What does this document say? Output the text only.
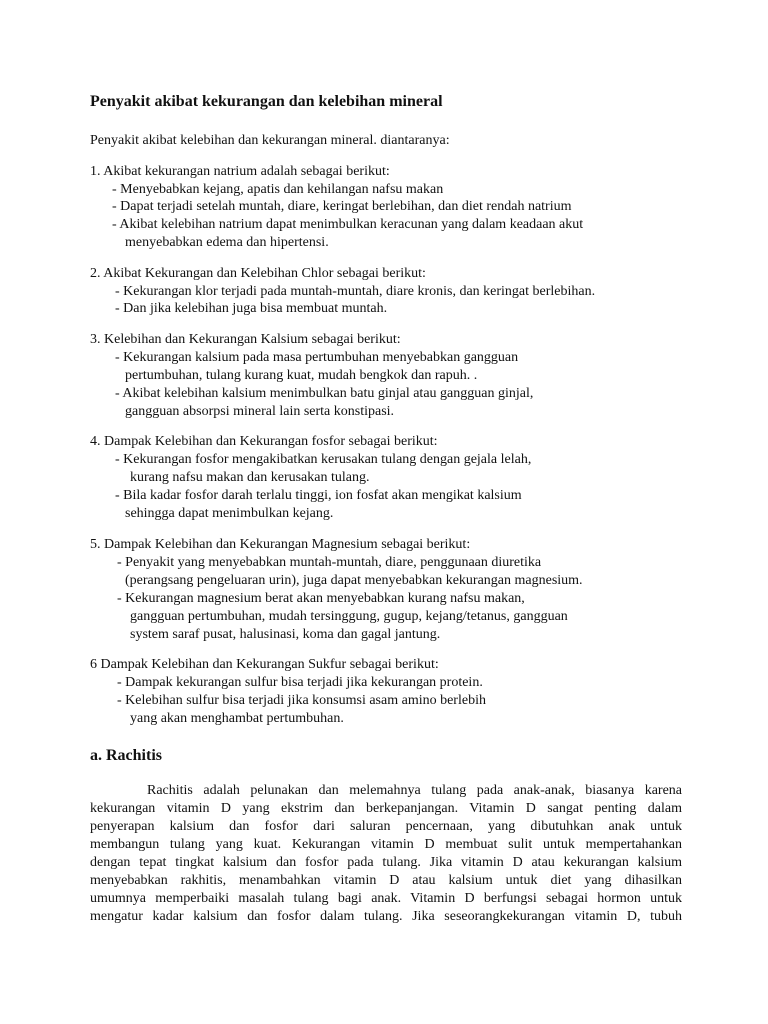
Penyakit akibat kekurangan dan kelebihan mineral
Penyakit akibat kelebihan dan kekurangan mineral. diantaranya:
1. Akibat kekurangan natrium adalah sebagai berikut:
- Menyebabkan kejang, apatis dan kehilangan nafsu makan
- Dapat terjadi setelah muntah, diare, keringat berlebihan, dan diet rendah natrium
- Akibat kelebihan natrium dapat menimbulkan keracunan yang dalam keadaan akut
menyebabkan edema dan hipertensi.
2. Akibat Kekurangan dan Kelebihan Chlor sebagai berikut:
- Kekurangan klor terjadi pada muntah-muntah, diare kronis, dan keringat berlebihan.
- Dan jika kelebihan juga bisa membuat muntah.
3. Kelebihan dan Kekurangan Kalsium sebagai berikut:
- Kekurangan kalsium pada masa pertumbuhan menyebabkan gangguan
pertumbuhan, tulang kurang kuat, mudah bengkok dan rapuh. .
- Akibat kelebihan kalsium menimbulkan batu ginjal atau gangguan ginjal,
gangguan absorpsi mineral lain serta konstipasi.
4. Dampak Kelebihan dan Kekurangan fosfor sebagai berikut:
- Kekurangan fosfor mengakibatkan kerusakan tulang dengan gejala lelah,
kurang nafsu makan dan kerusakan tulang.
- Bila kadar fosfor darah terlalu tinggi, ion fosfat akan mengikat kalsium
sehingga dapat menimbulkan kejang.
5. Dampak Kelebihan dan Kekurangan Magnesium sebagai berikut:
- Penyakit yang menyebabkan muntah-muntah, diare, penggunaan diuretika
(perangsang pengeluaran urin), juga dapat menyebabkan kekurangan magnesium.
- Kekurangan magnesium berat akan menyebabkan kurang nafsu makan,
gangguan pertumbuhan, mudah tersinggung, gugup, kejang/tetanus, gangguan
system saraf pusat, halusinasi, koma dan gagal jantung.
6 Dampak Kelebihan dan Kekurangan Sukfur sebagai berikut:
- Dampak kekurangan sulfur bisa terjadi jika kekurangan protein.
- Kelebihan sulfur bisa terjadi jika konsumsi asam amino berlebih
yang akan menghambat pertumbuhan.
a. Rachitis
Rachitis adalah pelunakan dan melemahnya tulang pada anak-anak, biasanya karena
kekurangan vitamin D yang ekstrim dan berkepanjangan. Vitamin D sangat penting dalam
penyerapan kalsium dan fosfor dari saluran pencernaan, yang dibutuhkan anak untuk
membangun tulang yang kuat. Kekurangan vitamin D membuat sulit untuk mempertahankan
dengan tepat tingkat kalsium dan fosfor pada tulang. Jika vitamin D atau kekurangan kalsium
menyebabkan rakhitis, menambahkan vitamin D atau kalsium untuk diet yang dihasilkan
umumnya memperbaiki masalah tulang bagi anak. Vitamin D berfungsi sebagai hormon untuk
mengatur kadar kalsium dan fosfor dalam tulang. Jika seseorangkekurangan vitamin D, tubuh
